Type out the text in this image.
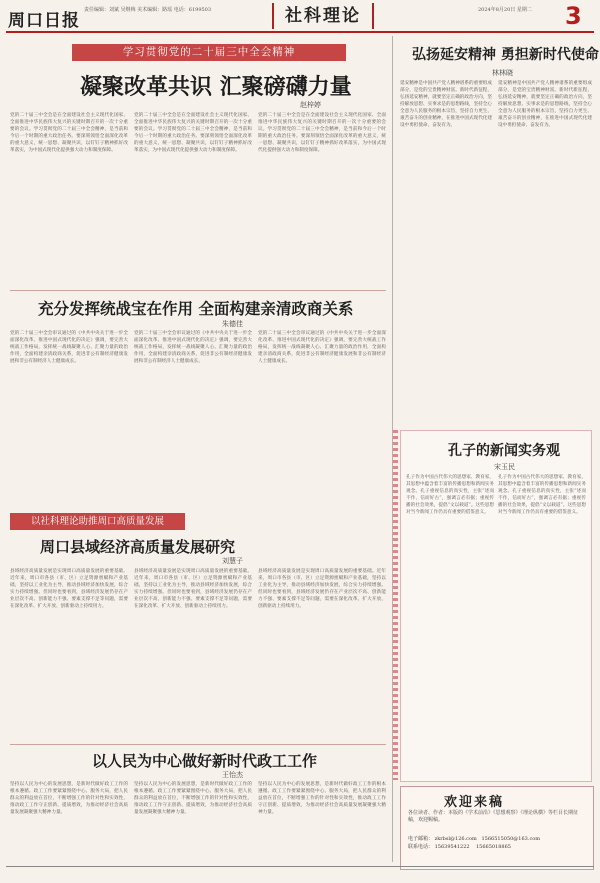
周口日报
责任编辑：刘斌 吴继梅 美术编辑：路瑶 电话：6199503	社科理论	2024年8月20日 星期二 3
学习贯彻党的二十届三中全会精神
凝聚改革共识 汇聚磅礴力量
赵梓婷
党的二十届三中全会是在全面建设社会主义现代化国家、全面推进中华民族伟大复兴的关键时期召开的一次十分重要的会议。学习贯彻党的二十届三中全会精神，是当前和今后一个时期的重大政治任务。要深刻领悟全面深化改革的重大意义，统一思想、凝聚共识，以钉钉子精神抓好改革落实，为中国式现代化提供强大动力和制度保障。
党的二十届三中全会是在全面建设社会主义现代化国家、全面推进中华民族伟大复兴的关键时期召开的一次十分重要的会议。学习贯彻党的二十届三中全会精神，是当前和今后一个时期的重大政治任务。要深刻领悟全面深化改革的重大意义，统一思想、凝聚共识，以钉钉子精神抓好改革落实，为中国式现代化提供强大动力和制度保障。
党的二十届三中全会是在全面建设社会主义现代化国家、全面推进中华民族伟大复兴的关键时期召开的一次十分重要的会议。学习贯彻党的二十届三中全会精神，是当前和今后一个时期的重大政治任务。要深刻领悟全面深化改革的重大意义，统一思想、凝聚共识，以钉钉子精神抓好改革落实，为中国式现代化提供强大动力和制度保障。
充分发挥统战宝在作用 全面构建亲清政商关系
朱德佳
党的二十届三中全会审议通过的《中共中央关于进一步全面深化改革、推进中国式现代化的决定》强调，要完善大统战工作格局，发挥统一战线凝聚人心、汇聚力量的政治作用，全面构建亲清政商关系，促进非公有制经济健康发展和非公有制经济人士健康成长。
党的二十届三中全会审议通过的《中共中央关于进一步全面深化改革、推进中国式现代化的决定》强调，要完善大统战工作格局，发挥统一战线凝聚人心、汇聚力量的政治作用，全面构建亲清政商关系，促进非公有制经济健康发展和非公有制经济人士健康成长。
党的二十届三中全会审议通过的《中共中央关于进一步全面深化改革、推进中国式现代化的决定》强调，要完善大统战工作格局，发挥统一战线凝聚人心、汇聚力量的政治作用，全面构建亲清政商关系，促进非公有制经济健康发展和非公有制经济人士健康成长。
以社科理论助推周口高质量发展
周口县域经济高质量发展研究
刘慧子
县域经济高质量发展是实现周口高质量发展的重要基础。近年来，周口市各县（市、区）立足资源禀赋和产业基础，坚持以工业化为主导，推动县域经济加快发展，综合实力持续增强。但同时也要看到，县域经济发展仍存在产业层次不高、创新能力不强、要素支撑不足等问题，需要在深化改革、扩大开放、创新驱动上持续用力。
县域经济高质量发展是实现周口高质量发展的重要基础。近年来，周口市各县（市、区）立足资源禀赋和产业基础，坚持以工业化为主导，推动县域经济加快发展，综合实力持续增强。但同时也要看到，县域经济发展仍存在产业层次不高、创新能力不强、要素支撑不足等问题，需要在深化改革、扩大开放、创新驱动上持续用力。
县域经济高质量发展是实现周口高质量发展的重要基础。近年来，周口市各县（市、区）立足资源禀赋和产业基础，坚持以工业化为主导，推动县域经济加快发展，综合实力持续增强。但同时也要看到，县域经济发展仍存在产业层次不高、创新能力不强、要素支撑不足等问题，需要在深化改革、扩大开放、创新驱动上持续用力。
以人民为中心做好新时代政工工作
王怡杰
坚持以人民为中心的发展思想，是新时代做好政工工作的根本遵循。政工工作要紧紧围绕中心、服务大局，把人民群众的利益放在首位，不断增强工作的针对性和实效性，推动政工工作守正创新、提质增效，为推动经济社会高质量发展凝聚强大精神力量。
坚持以人民为中心的发展思想，是新时代做好政工工作的根本遵循。政工工作要紧紧围绕中心、服务大局，把人民群众的利益放在首位，不断增强工作的针对性和实效性，推动政工工作守正创新、提质增效，为推动经济社会高质量发展凝聚强大精神力量。
坚持以人民为中心的发展思想，是新时代做好政工工作的根本遵循。政工工作要紧紧围绕中心、服务大局，把人民群众的利益放在首位，不断增强工作的针对性和实效性，推动政工工作守正创新、提质增效，为推动经济社会高质量发展凝聚强大精神力量。
弘扬延安精神 勇担新时代使命
林林晓
延安精神是中国共产党人精神谱系的重要组成部分，是党的宝贵精神财富。新时代新征程，弘扬延安精神，就要坚定正确的政治方向，坚持解放思想、实事求是的思想路线，坚持全心全意为人民服务的根本宗旨，坚持自力更生、艰苦奋斗的创业精神，在推进中国式现代化建设中勇担使命、奋发有为。
延安精神是中国共产党人精神谱系的重要组成部分，是党的宝贵精神财富。新时代新征程，弘扬延安精神，就要坚定正确的政治方向，坚持解放思想、实事求是的思想路线，坚持全心全意为人民服务的根本宗旨，坚持自力更生、艰苦奋斗的创业精神，在推进中国式现代化建设中勇担使命、奋发有为。
孔子的新闻实务观
宋玉民
孔子作为中国古代伟大的思想家、教育家，其思想中蕴含着丰富的传播思想和新闻实务观念。孔子重视信息的真实性，主张“述而不作，信而好古”，强调言必有据；重视传播的社会效果，提倡“文以载道”。这些思想对当今新闻工作仍具有重要的借鉴意义。
孔子作为中国古代伟大的思想家、教育家，其思想中蕴含着丰富的传播思想和新闻实务观念。孔子重视信息的真实性，主张“述而不作，信而好古”，强调言必有据；重视传播的社会效果，提倡“文以载道”。这些思想对当今新闻工作仍具有重要的借鉴意义。
欢迎来稿
各位读者、作者：本版的《学术前沿》《思想观察》《理论纵横》等栏目长期征稿，欢迎赐稿。
电子邮箱： zkrbsl@126.com 1566515050@163.com
联系电话： 15639541222 15665018865
